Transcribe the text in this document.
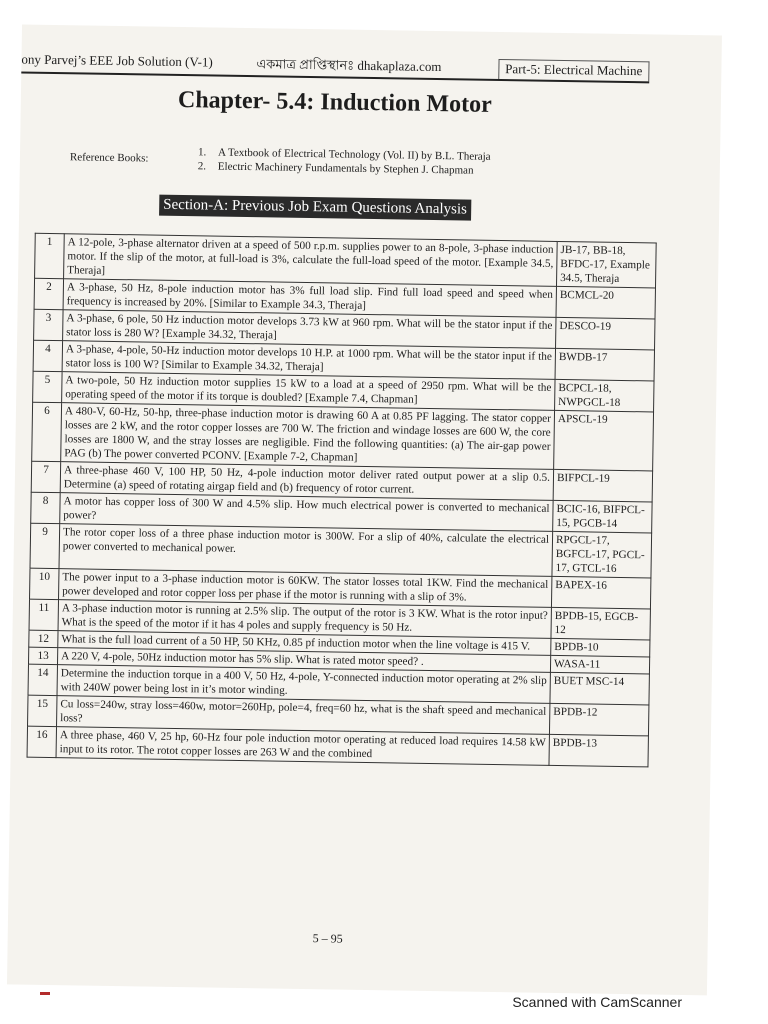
ony Parvej’s EEE Job Solution (V-1)	একমাত্র প্রাপ্তিস্থানঃ dhakaplaza.com	Part-5: Electrical Machine
Chapter- 5.4: Induction Motor
Reference Books:	1. A Textbook of Electrical Technology (Vol. II) by B.L. Theraja
2. Electric Machinery Fundamentals by Stephen J. Chapman
Section-A: Previous Job Exam Questions Analysis
1	A 12-pole, 3-phase alternator driven at a speed of 500 r.p.m. supplies power to an 8-pole, 3-phase induction motor. If the slip of the motor, at full-load is 3%, calculate the full-load speed of the motor. [Example 34.5, Theraja]	JB-17, BB-18, BFDC-17, Example 34.5, Theraja
2	A 3-phase, 50 Hz, 8-pole induction motor has 3% full load slip. Find full load speed and speed when frequency is increased by 20%. [Similar to Example 34.3, Theraja]	BCMCL-20
3	A 3-phase, 6 pole, 50 Hz induction motor develops 3.73 kW at 960 rpm. What will be the stator input if the stator loss is 280 W? [Example 34.32, Theraja]	DESCO-19
4	A 3-phase, 4-pole, 50-Hz induction motor develops 10 H.P. at 1000 rpm. What will be the stator input if the stator loss is 100 W? [Similar to Example 34.32, Theraja]	BWDB-17
5	A two-pole, 50 Hz induction motor supplies 15 kW to a load at a speed of 2950 rpm. What will be the operating speed of the motor if its torque is doubled? [Example 7.4, Chapman]	BCPCL-18, NWPGCL-18
6	A 480-V, 60-Hz, 50-hp, three-phase induction motor is drawing 60 A at 0.85 PF lagging. The stator copper losses are 2 kW, and the rotor copper losses are 700 W. The friction and windage losses are 600 W, the core losses are 1800 W, and the stray losses are negligible. Find the following quantities: (a) The air-gap power PAG (b) The power converted PCONV. [Example 7-2, Chapman]	APSCL-19
7	A three-phase 460 V, 100 HP, 50 Hz, 4-pole induction motor deliver rated output power at a slip 0.5. Determine (a) speed of rotating airgap field and (b) frequency of rotor current.	BIFPCL-19
8	A motor has copper loss of 300 W and 4.5% slip. How much electrical power is converted to mechanical power?	BCIC-16, BIFPCL-15, PGCB-14
9	The rotor coper loss of a three phase induction motor is 300W. For a slip of 40%, calculate the electrical power converted to mechanical power.	RPGCL-17, BGFCL-17, PGCL-17, GTCL-16
10	The power input to a 3-phase induction motor is 60KW. The stator losses total 1KW. Find the mechanical power developed and rotor copper loss per phase if the motor is running with a slip of 3%.	BAPEX-16
11	A 3-phase induction motor is running at 2.5% slip. The output of the rotor is 3 KW. What is the rotor input? What is the speed of the motor if it has 4 poles and supply frequency is 50 Hz.	BPDB-15, EGCB-12
12	What is the full load current of a 50 HP, 50 KHz, 0.85 pf induction motor when the line voltage is 415 V.	BPDB-10
13	A 220 V, 4-pole, 50Hz induction motor has 5% slip. What is rated motor speed? .	WASA-11
14	Determine the induction torque in a 400 V, 50 Hz, 4-pole, Y-connected induction motor operating at 2% slip with 240W power being lost in it’s motor winding.	BUET MSC-14
15	Cu loss=240w, stray loss=460w, motor=260Hp, pole=4, freq=60 hz, what is the shaft speed and mechanical loss?	BPDB-12
16	A three phase, 460 V, 25 hp, 60-Hz four pole induction motor operating at reduced load requires 14.58 kW input to its rotor. The rotot copper losses are 263 W and the combined	BPDB-13
5 – 95
Scanned with CamScanner
